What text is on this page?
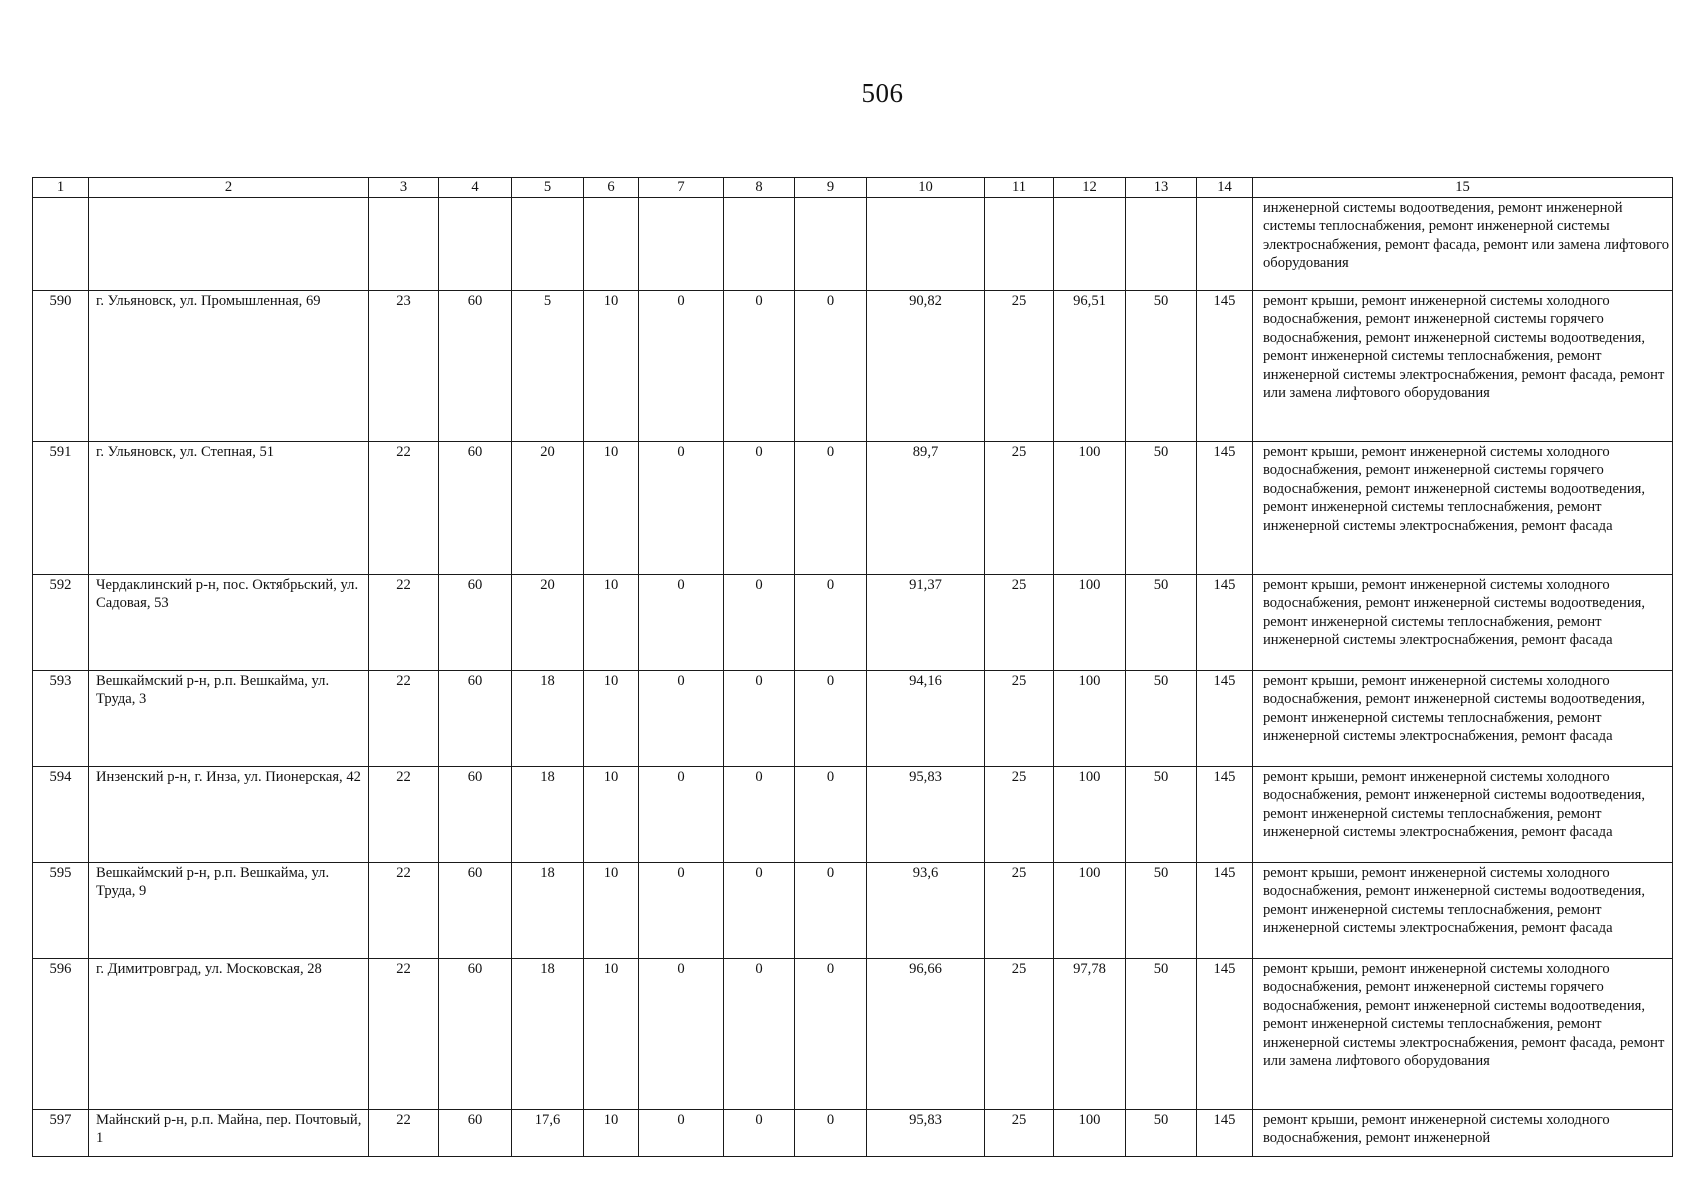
506
1	2	3	4	5	6	7	8	9	10	11	12	13	14	15
														инженерной системы водоотведения, ремонт инженерной системы теплоснабжения, ремонт инженерной системы электроснабжения, ремонт фасада, ремонт или замена лифтового оборудования
590	г. Ульяновск, ул. Промышленная, 69	23	60	5	10	0	0	0	90,82	25	96,51	50	145	ремонт крыши, ремонт инженерной системы холодного водоснабжения, ремонт инженерной системы горячего водоснабжения, ремонт инженерной системы водоотведения, ремонт инженерной системы теплоснабжения, ремонт инженерной системы электроснабжения, ремонт фасада, ремонт или замена лифтового оборудования
591	г. Ульяновск, ул. Степная, 51	22	60	20	10	0	0	0	89,7	25	100	50	145	ремонт крыши, ремонт инженерной системы холодного водоснабжения, ремонт инженерной системы горячего водоснабжения, ремонт инженерной системы водоотведения, ремонт инженерной системы теплоснабжения, ремонт инженерной системы электроснабжения, ремонт фасада
592	Чердаклинский р-н, пос. Октябрьский, ул. Садовая, 53	22	60	20	10	0	0	0	91,37	25	100	50	145	ремонт крыши, ремонт инженерной системы холодного водоснабжения, ремонт инженерной системы водоотведения, ремонт инженерной системы теплоснабжения, ремонт инженерной системы электроснабжения, ремонт фасада
593	Вешкаймский р-н, р.п. Вешкайма, ул. Труда, 3	22	60	18	10	0	0	0	94,16	25	100	50	145	ремонт крыши, ремонт инженерной системы холодного водоснабжения, ремонт инженерной системы водоотведения, ремонт инженерной системы теплоснабжения, ремонт инженерной системы электроснабжения, ремонт фасада
594	Инзенский р-н, г. Инза, ул. Пионерская, 42	22	60	18	10	0	0	0	95,83	25	100	50	145	ремонт крыши, ремонт инженерной системы холодного водоснабжения, ремонт инженерной системы водоотведения, ремонт инженерной системы теплоснабжения, ремонт инженерной системы электроснабжения, ремонт фасада
595	Вешкаймский р-н, р.п. Вешкайма, ул. Труда, 9	22	60	18	10	0	0	0	93,6	25	100	50	145	ремонт крыши, ремонт инженерной системы холодного водоснабжения, ремонт инженерной системы водоотведения, ремонт инженерной системы теплоснабжения, ремонт инженерной системы электроснабжения, ремонт фасада
596	г. Димитровград, ул. Московская, 28	22	60	18	10	0	0	0	96,66	25	97,78	50	145	ремонт крыши, ремонт инженерной системы холодного водоснабжения, ремонт инженерной системы горячего водоснабжения, ремонт инженерной системы водоотведения, ремонт инженерной системы теплоснабжения, ремонт инженерной системы электроснабжения, ремонт фасада, ремонт или замена лифтового оборудования
597	Майнский р-н, р.п. Майна, пер. Почтовый, 1	22	60	17,6	10	0	0	0	95,83	25	100	50	145	ремонт крыши, ремонт инженерной системы холодного водоснабжения, ремонт инженерной
